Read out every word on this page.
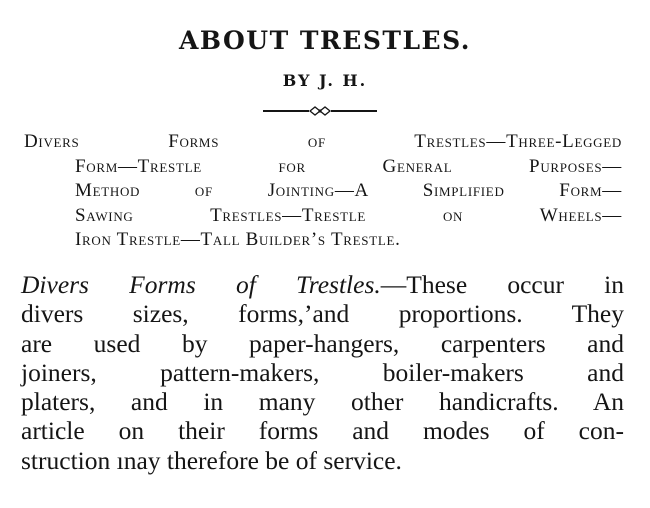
ABOUT TRESTLES.
BY J. H.
Divers Forms of Trestles—Three-Legged
Form—Trestle for General Purposes—
Method of Jointing—A Simplified Form—
Sawing Trestles—Trestle on Wheels—
Iron Trestle—Tall Builder’s Trestle.
Divers Forms of Trestles.—These occur in
divers sizes, forms,’and proportions. They
are used by paper-hangers, carpenters and
joiners, pattern-makers, boiler-makers and
platers, and in many other handicrafts. An
article on their forms and modes of con-
struction ınay therefore be of service.
